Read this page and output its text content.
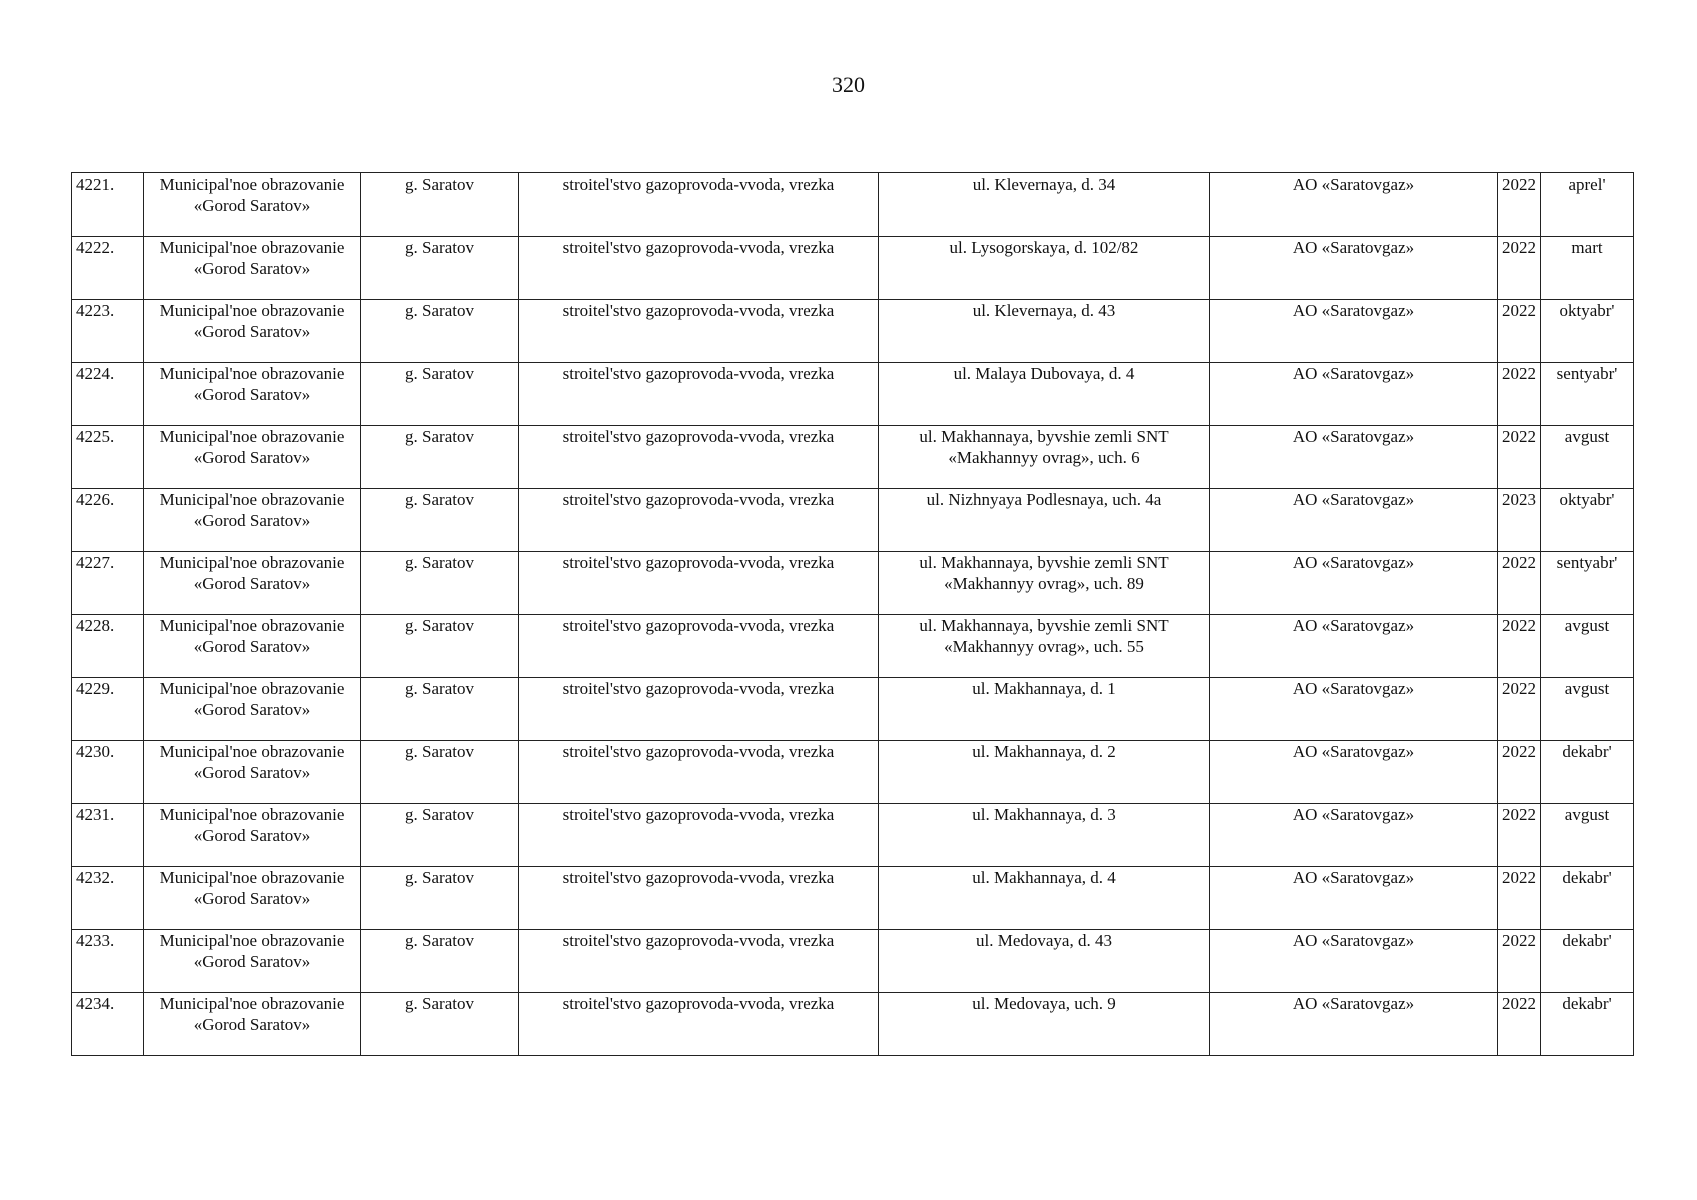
320
4221.	Municipal'noe obrazovanie «Gorod Saratov»	g. Saratov	stroitel'stvo gazoprovoda-vvoda, vrezka	ul. Klevernaya, d. 34	AO «Saratovgaz»	2022	aprel'
4222.	Municipal'noe obrazovanie «Gorod Saratov»	g. Saratov	stroitel'stvo gazoprovoda-vvoda, vrezka	ul. Lysogorskaya, d. 102/82	AO «Saratovgaz»	2022	mart
4223.	Municipal'noe obrazovanie «Gorod Saratov»	g. Saratov	stroitel'stvo gazoprovoda-vvoda, vrezka	ul. Klevernaya, d. 43	AO «Saratovgaz»	2022	oktyabr'
4224.	Municipal'noe obrazovanie «Gorod Saratov»	g. Saratov	stroitel'stvo gazoprovoda-vvoda, vrezka	ul. Malaya Dubovaya, d. 4	AO «Saratovgaz»	2022	sentyabr'
4225.	Municipal'noe obrazovanie «Gorod Saratov»	g. Saratov	stroitel'stvo gazoprovoda-vvoda, vrezka	ul. Makhannaya, byvshie zemli SNT «Makhannyy ovrag», uch. 6	AO «Saratovgaz»	2022	avgust
4226.	Municipal'noe obrazovanie «Gorod Saratov»	g. Saratov	stroitel'stvo gazoprovoda-vvoda, vrezka	ul. Nizhnyaya Podlesnaya, uch. 4a	AO «Saratovgaz»	2023	oktyabr'
4227.	Municipal'noe obrazovanie «Gorod Saratov»	g. Saratov	stroitel'stvo gazoprovoda-vvoda, vrezka	ul. Makhannaya, byvshie zemli SNT «Makhannyy ovrag», uch. 89	AO «Saratovgaz»	2022	sentyabr'
4228.	Municipal'noe obrazovanie «Gorod Saratov»	g. Saratov	stroitel'stvo gazoprovoda-vvoda, vrezka	ul. Makhannaya, byvshie zemli SNT «Makhannyy ovrag», uch. 55	AO «Saratovgaz»	2022	avgust
4229.	Municipal'noe obrazovanie «Gorod Saratov»	g. Saratov	stroitel'stvo gazoprovoda-vvoda, vrezka	ul. Makhannaya, d. 1	AO «Saratovgaz»	2022	avgust
4230.	Municipal'noe obrazovanie «Gorod Saratov»	g. Saratov	stroitel'stvo gazoprovoda-vvoda, vrezka	ul. Makhannaya, d. 2	AO «Saratovgaz»	2022	dekabr'
4231.	Municipal'noe obrazovanie «Gorod Saratov»	g. Saratov	stroitel'stvo gazoprovoda-vvoda, vrezka	ul. Makhannaya, d. 3	AO «Saratovgaz»	2022	avgust
4232.	Municipal'noe obrazovanie «Gorod Saratov»	g. Saratov	stroitel'stvo gazoprovoda-vvoda, vrezka	ul. Makhannaya, d. 4	AO «Saratovgaz»	2022	dekabr'
4233.	Municipal'noe obrazovanie «Gorod Saratov»	g. Saratov	stroitel'stvo gazoprovoda-vvoda, vrezka	ul. Medovaya, d. 43	AO «Saratovgaz»	2022	dekabr'
4234.	Municipal'noe obrazovanie «Gorod Saratov»	g. Saratov	stroitel'stvo gazoprovoda-vvoda, vrezka	ul. Medovaya, uch. 9	AO «Saratovgaz»	2022	dekabr'
